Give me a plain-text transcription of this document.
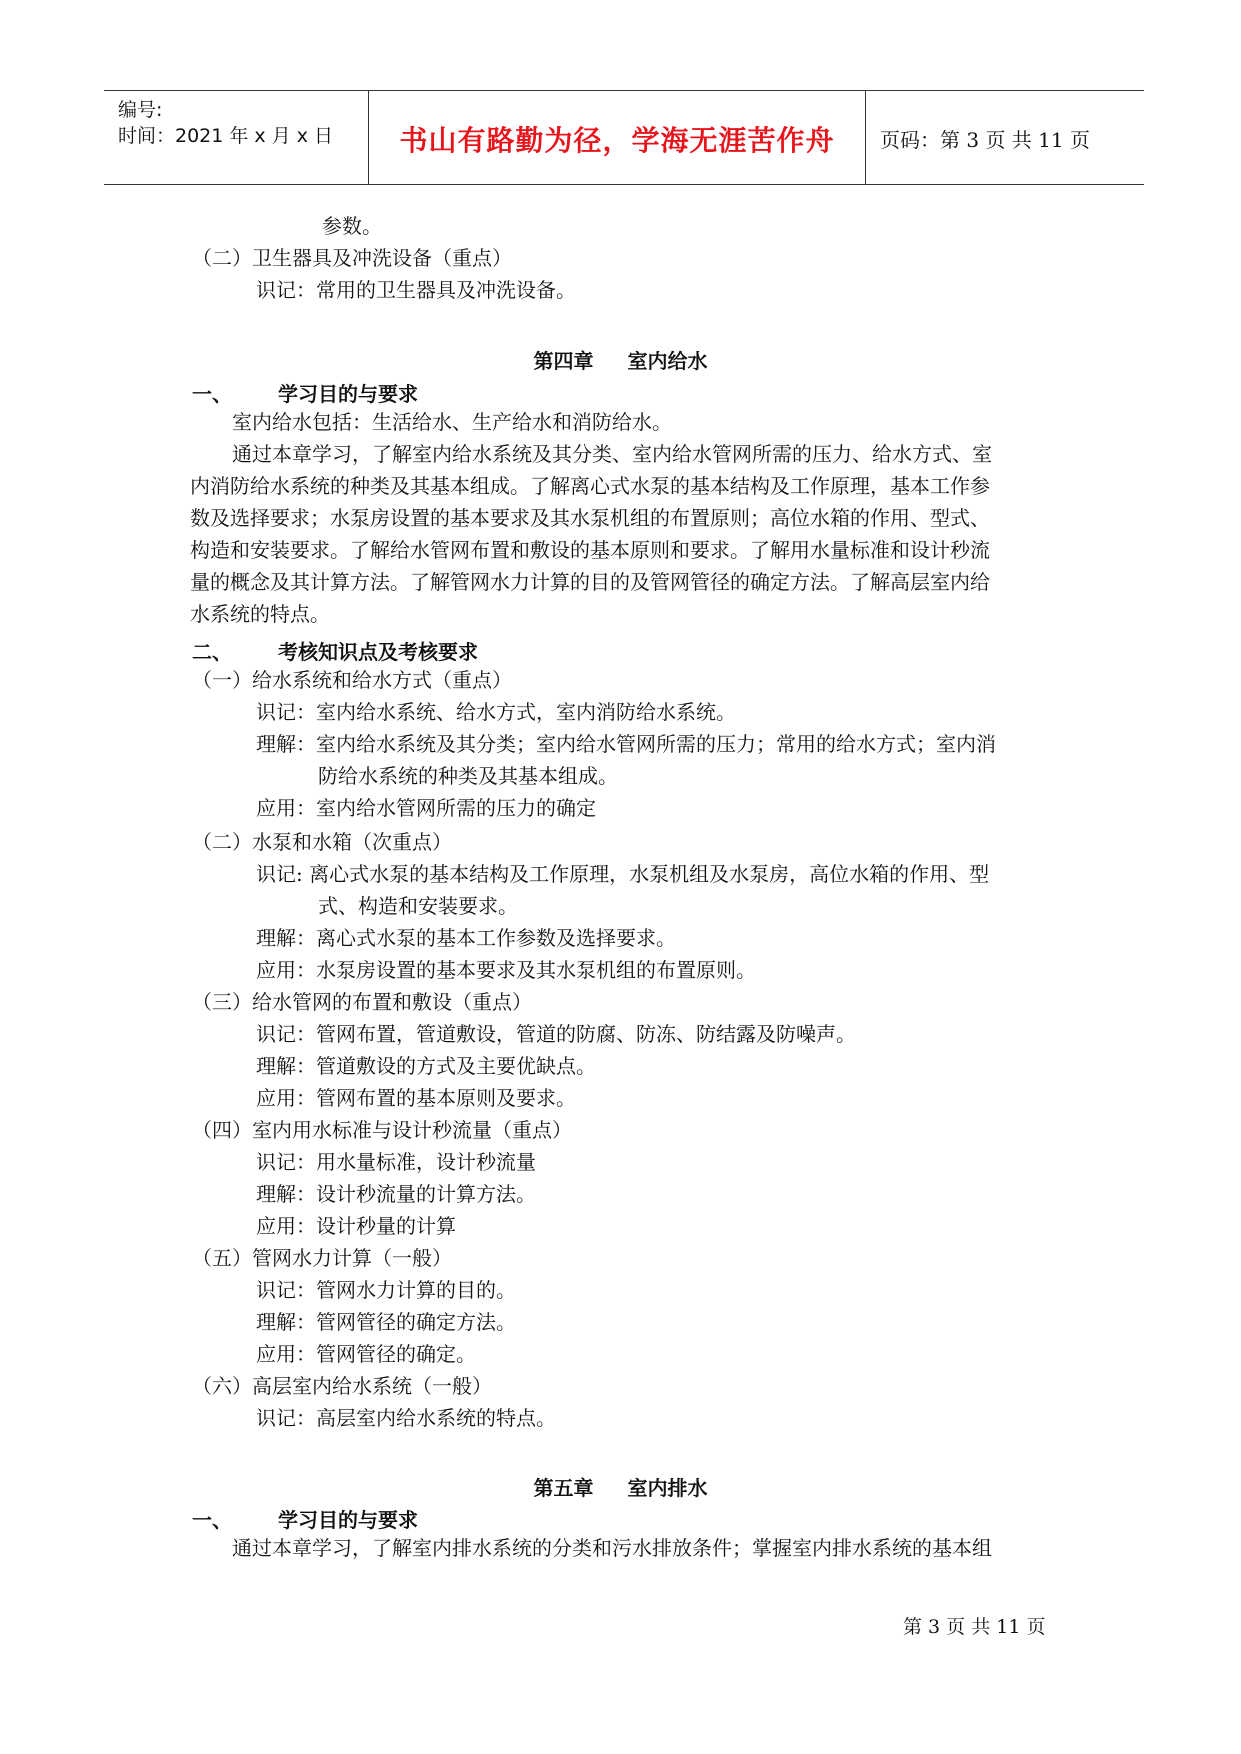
编号:
时间：2021 年 x 月 x 日	书山有路勤为径，学海无涯苦作舟	页码：第 3 页 共 11 页
参数。
（二）卫生器具及冲洗设备（重点）
识记：常用的卫生器具及冲洗设备。
第四章 室内给水
一、 学习目的与要求
室内给水包括：生活给水、生产给水和消防给水。
通过本章学习，了解室内给水系统及其分类、室内给水管网所需的压力、给水方式、室
内消防给水系统的种类及其基本组成。了解离心式水泵的基本结构及工作原理，基本工作参
数及选择要求；水泵房设置的基本要求及其水泵机组的布置原则；高位水箱的作用、型式、
构造和安装要求。了解给水管网布置和敷设的基本原则和要求。了解用水量标准和设计秒流
量的概念及其计算方法。了解管网水力计算的目的及管网管径的确定方法。了解高层室内给
水系统的特点。
二、 考核知识点及考核要求
（一）给水系统和给水方式（重点）
识记：室内给水系统、给水方式，室内消防给水系统。
理解：室内给水系统及其分类；室内给水管网所需的压力；常用的给水方式；室内消
防给水系统的种类及其基本组成。
应用：室内给水管网所需的压力的确定
（二）水泵和水箱（次重点）
识记: 离心式水泵的基本结构及工作原理，水泵机组及水泵房，高位水箱的作用、型
式、构造和安装要求。
理解：离心式水泵的基本工作参数及选择要求。
应用：水泵房设置的基本要求及其水泵机组的布置原则。
（三）给水管网的布置和敷设（重点）
识记：管网布置，管道敷设，管道的防腐、防冻、防结露及防噪声。
理解：管道敷设的方式及主要优缺点。
应用：管网布置的基本原则及要求。
（四）室内用水标准与设计秒流量（重点）
识记：用水量标准，设计秒流量
理解：设计秒流量的计算方法。
应用：设计秒量的计算
（五）管网水力计算（一般）
识记：管网水力计算的目的。
理解：管网管径的确定方法。
应用：管网管径的确定。
（六）高层室内给水系统（一般）
识记：高层室内给水系统的特点。
第五章 室内排水
一、 学习目的与要求
通过本章学习，了解室内排水系统的分类和污水排放条件；掌握室内排水系统的基本组
第 3 页 共 11 页
